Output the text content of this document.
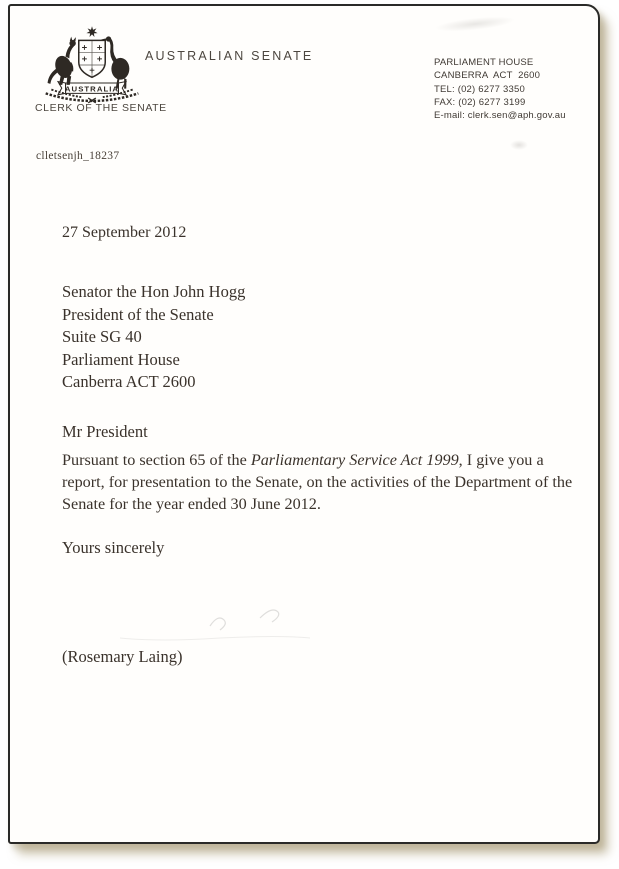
AUSTRALIA
AUSTRALIAN SENATE	PARLIAMENT HOUSE
CANBERRA  ACT  2600
TEL: (02) 6277 3350
FAX: (02) 6277 3199
E-mail: clerk.sen@aph.gov.au
CLERK OF THE SENATE
clletsenjh_18237
27 September 2012
Senator the Hon John Hogg
President of the Senate
Suite SG 40
Parliament House
Canberra ACT 2600
Mr President

Pursuant to section 65 of the Parliamentary Service Act 1999, I give you a report, for presentation to the Senate, on the activities of the Department of the Senate for the year ended 30 June 2012.

Yours sincerely
(Rosemary Laing)
